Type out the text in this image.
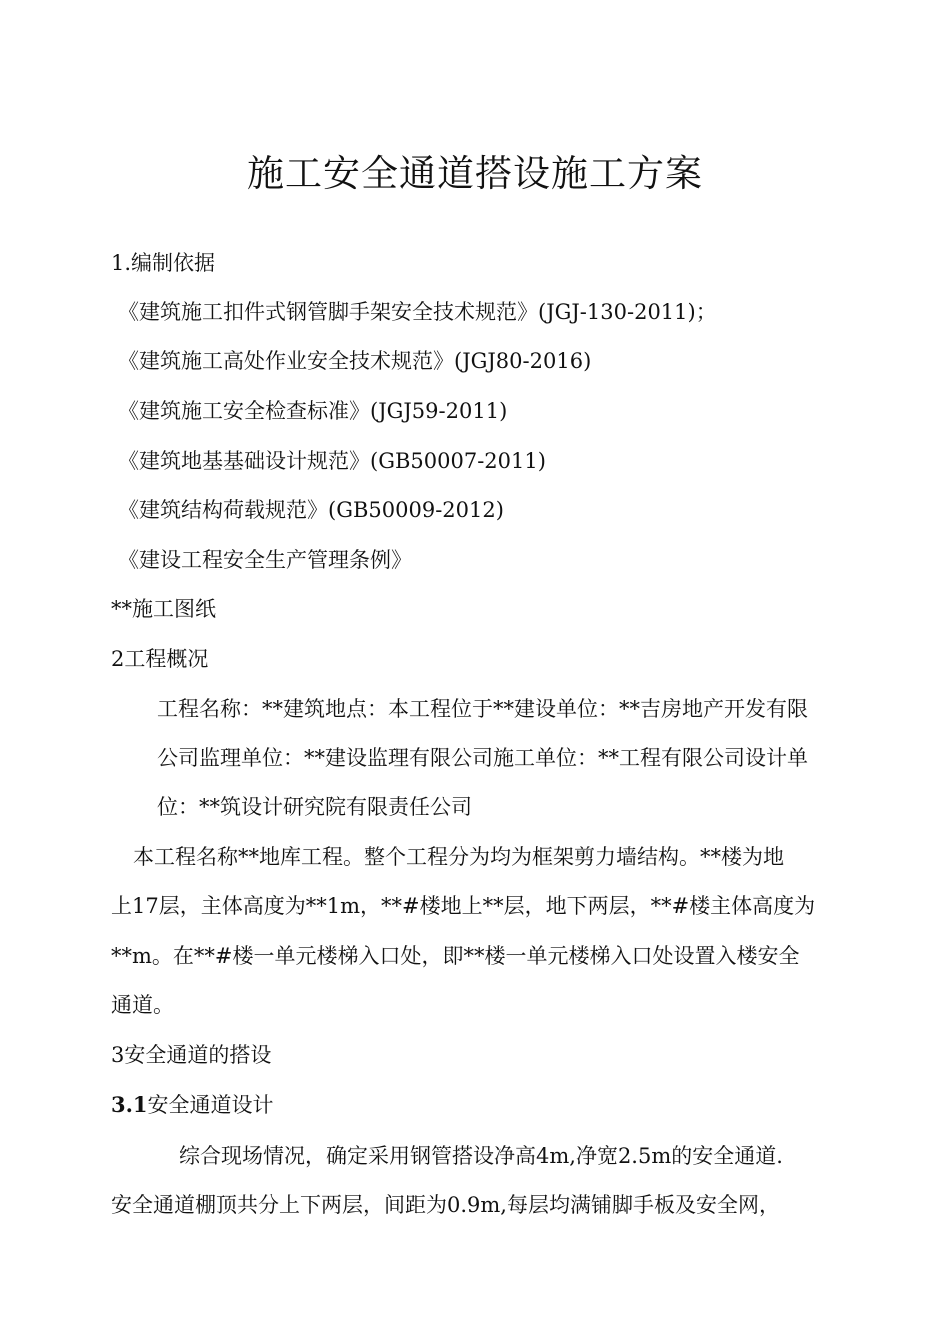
施工安全通道搭设施工方案
1.编制依据
《建筑施工扣件式钢管脚手架安全技术规范》(JGJ-130-2011)；
《建筑施工高处作业安全技术规范》(JGJ80-2016)
《建筑施工安全检查标准》(JGJ59-2011)
《建筑地基基础设计规范》(GB50007-2011)
《建筑结构荷载规范》(GB50009-2012)
《建设工程安全生产管理条例》
**施工图纸
2工程概况
工程名称：**建筑地点：本工程位于**建设单位：**吉房地产开发有限
公司监理单位：**建设监理有限公司施工单位：**工程有限公司设计单
位：**筑设计研究院有限责任公司
本工程名称**地库工程。整个工程分为均为框架剪力墙结构。**楼为地
上17层，主体高度为**1m，**#楼地上**层，地下两层，**#楼主体高度为
**m。在**#楼一单元楼梯入口处，即**楼一单元楼梯入口处设置入楼安全
通道。
3安全通道的搭设
3.1安全通道设计
综合现场情况，确定采用钢管搭设净高4m,净宽2.5m的安全通道.
安全通道棚顶共分上下两层，间距为0.9m,每层均满铺脚手板及安全网，
